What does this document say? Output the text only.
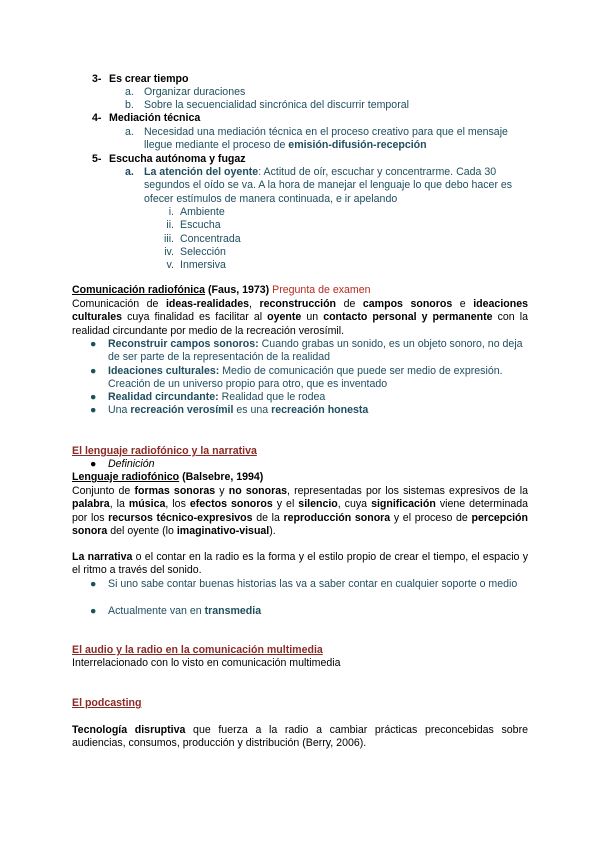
3- Es crear tiempo
a. Organizar duraciones
b. Sobre la secuencialidad sincrónica del discurrir temporal
4- Mediación técnica
a. Necesidad una mediación técnica en el proceso creativo para que el mensaje llegue mediante el proceso de emisión-difusión-recepción
5- Escucha autónoma y fugaz
a. La atención del oyente: Actitud de oír, escuchar y concentrarme. Cada 30 segundos el oído se va. A la hora de manejar el lenguaje lo que debo hacer es ofecer estímulos de manera continuada, e ir apelando
i. Ambiente
ii. Escucha
iii. Concentrada
iv. Selección
v. Inmersiva
Comunicación radiofónica (Faus, 1973) Pregunta de examen
Comunicación de ideas-realidades, reconstrucción de campos sonoros e ideaciones culturales cuya finalidad es facilitar al oyente un contacto personal y permanente con la realidad circundante por medio de la recreación verosímil.
● Reconstruir campos sonoros: Cuando grabas un sonido, es un objeto sonoro, no deja de ser parte de la representación de la realidad
● Ideaciones culturales: Medio de comunicación que puede ser medio de expresión. Creación de un universo propio para otro, que es inventado
● Realidad circundante: Realidad que le rodea
● Una recreación verosímil es una recreación honesta
El lenguaje radiofónico y la narrativa
● Definición
Lenguaje radiofónico (Balsebre, 1994)
Conjunto de formas sonoras y no sonoras, representadas por los sistemas expresivos de la palabra, la música, los efectos sonoros y el silencio, cuya significación viene determinada por los recursos técnico-expresivos de la reproducción sonora y el proceso de percepción sonora del oyente (lo imaginativo-visual).
La narrativa o el contar en la radio es la forma y el estilo propio de crear el tiempo, el espacio y el ritmo a través del sonido.
● Si uno sabe contar buenas historias las va a saber contar en cualquier soporte o medio
● Actualmente van en transmedia
El audio y la radio en la comunicación multimedia
Interrelacionado con lo visto en comunicación multimedia
El podcasting
Tecnología disruptiva que fuerza a la radio a cambiar prácticas preconcebidas sobre audiencias, consumos, producción y distribución (Berry, 2006).
